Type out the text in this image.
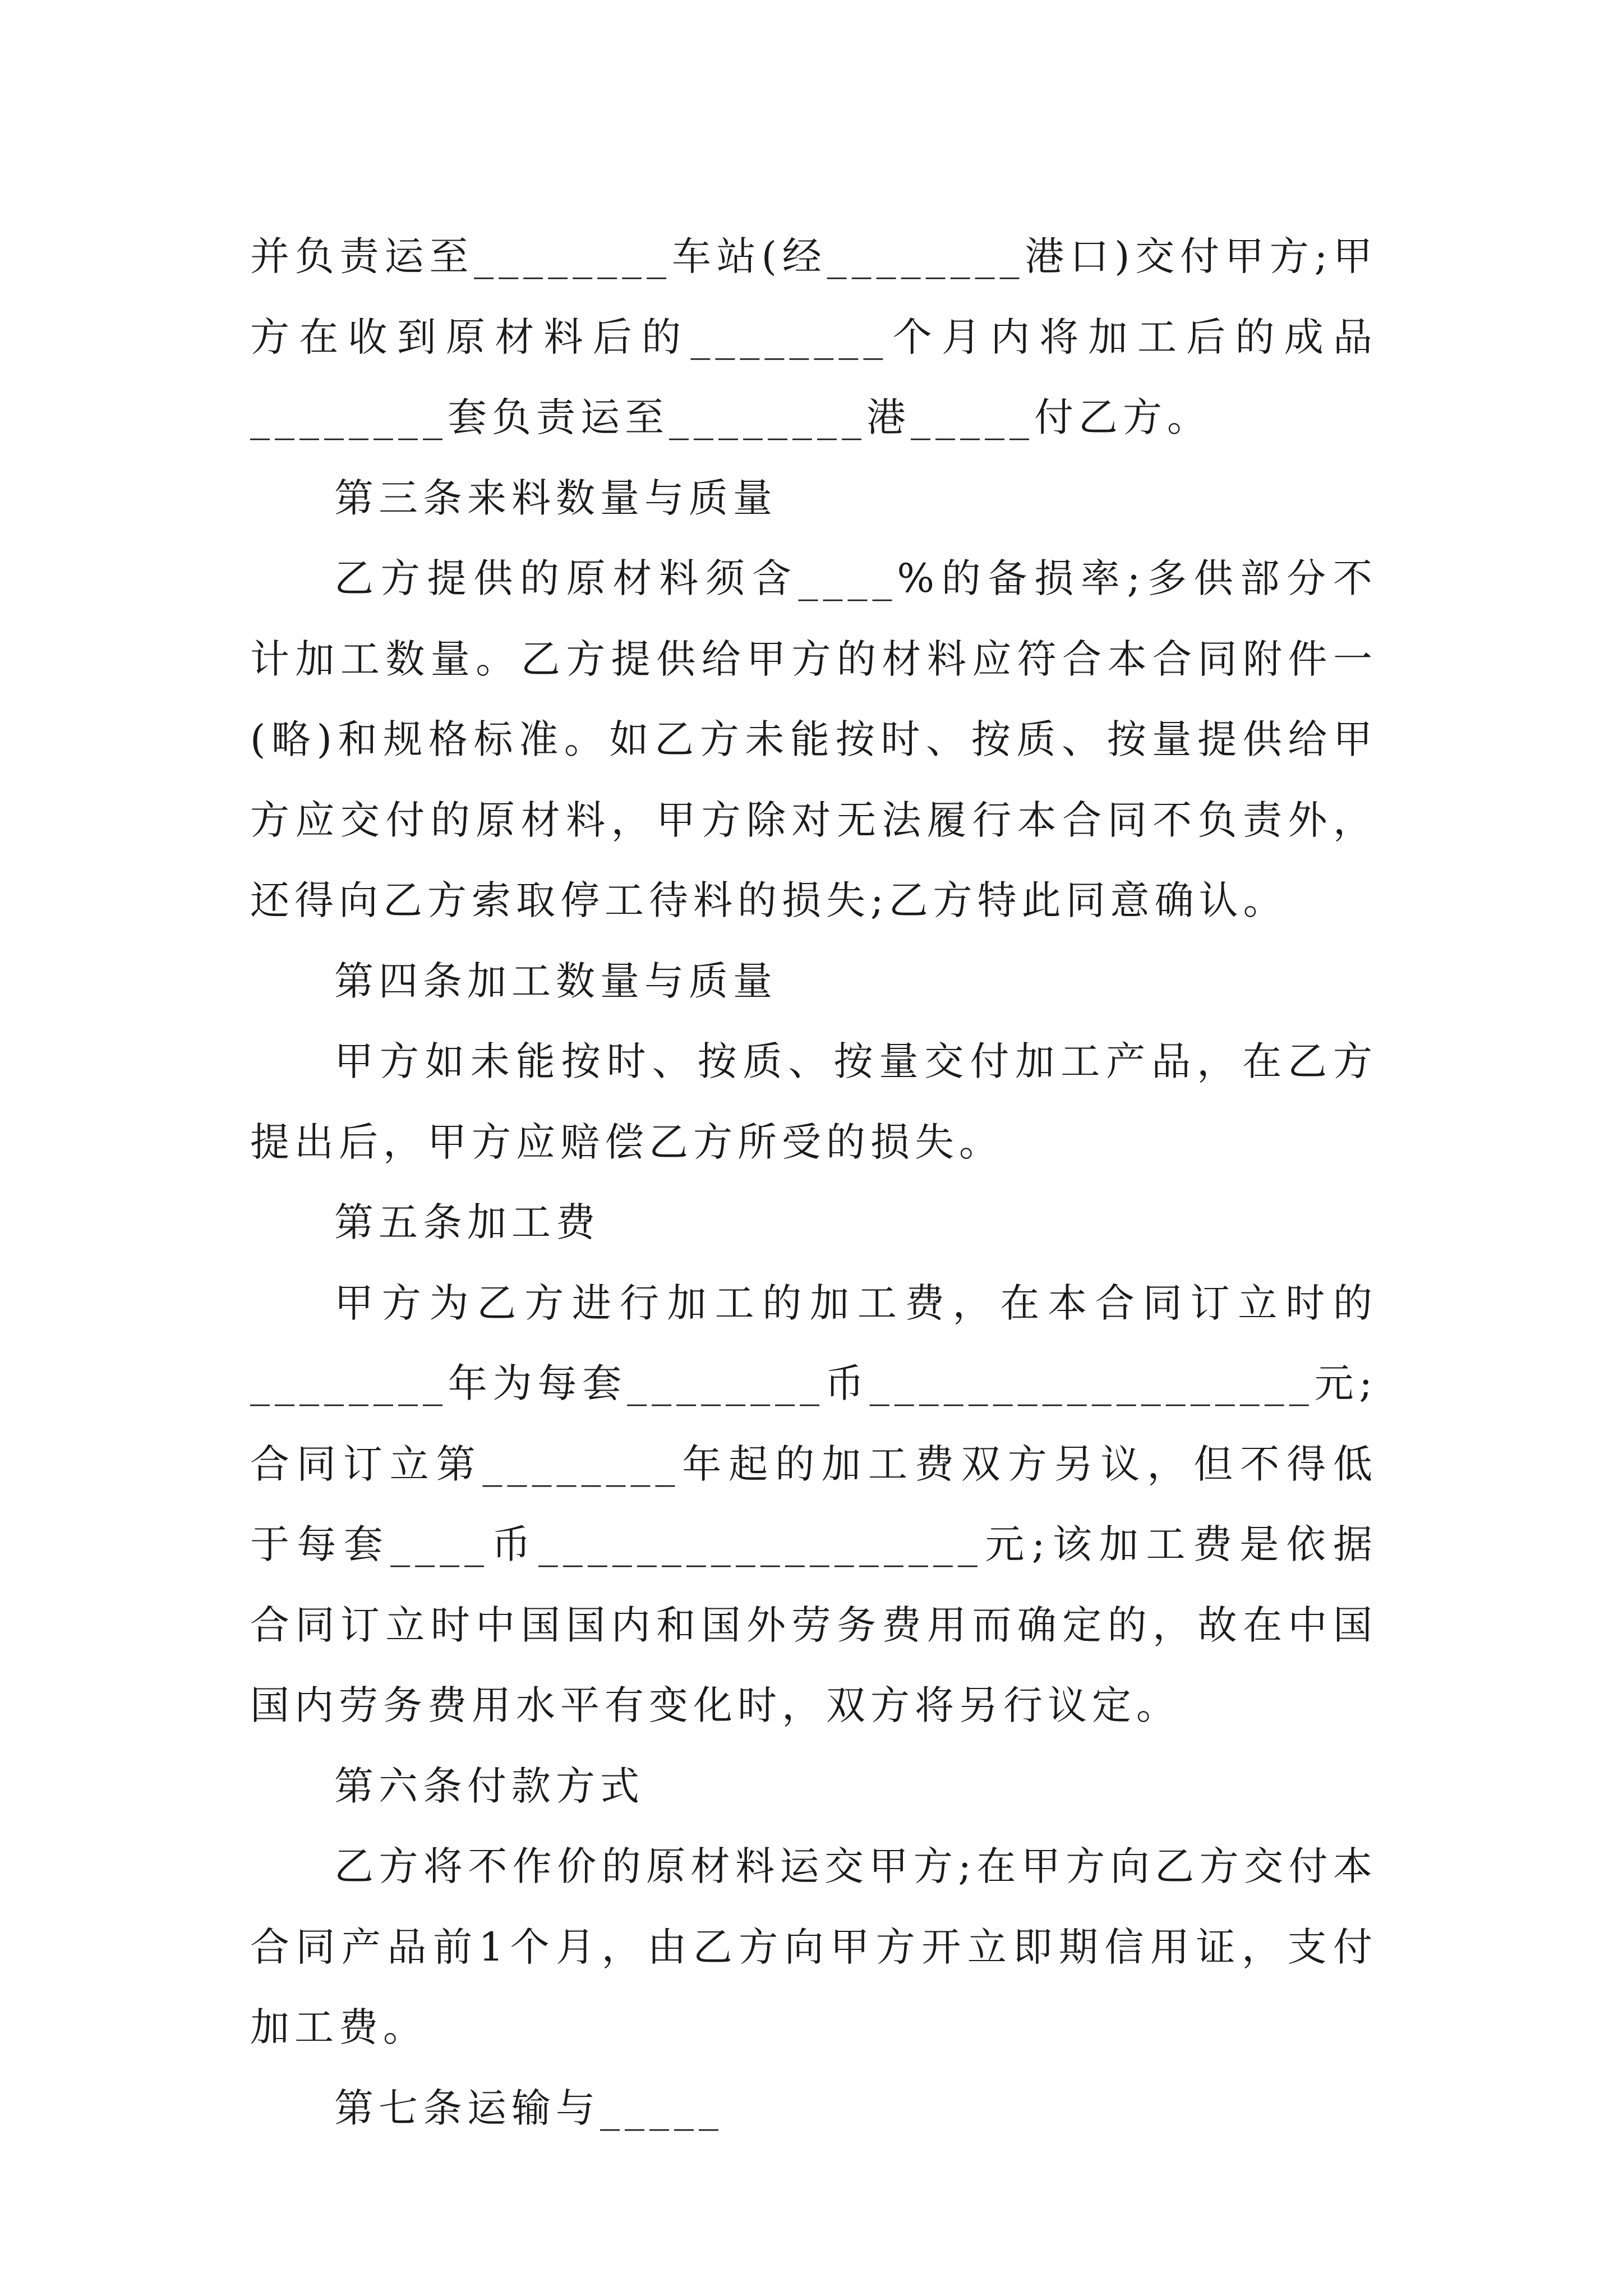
并负责运至________车站(经________港口)交付甲方;甲方在收到原材料后的________个月内将加工后的成品________套负责运至________港_____付乙方。

第三条来料数量与质量

乙方提供的原材料须含____%的备损率;多供部分不计加工数量。乙方提供给甲方的材料应符合本合同附件一(略)和规格标准。如乙方未能按时、按质、按量提供给甲方应交付的原材料，甲方除对无法履行本合同不负责外，还得向乙方索取停工待料的损失;乙方特此同意确认。

第四条加工数量与质量

甲方如未能按时、按质、按量交付加工产品，在乙方提出后，甲方应赔偿乙方所受的损失。

第五条加工费

甲方为乙方进行加工的加工费，在本合同订立时的________年为每套________币__________________元;合同订立第________年起的加工费双方另议，但不得低于每套____币__________________元;该加工费是依据合同订立时中国国内和国外劳务费用而确定的，故在中国国内劳务费用水平有变化时，双方将另行议定。

第六条付款方式

乙方将不作价的原材料运交甲方;在甲方向乙方交付本合同产品前1个月，由乙方向甲方开立即期信用证，支付加工费。

第七条运输与_____
